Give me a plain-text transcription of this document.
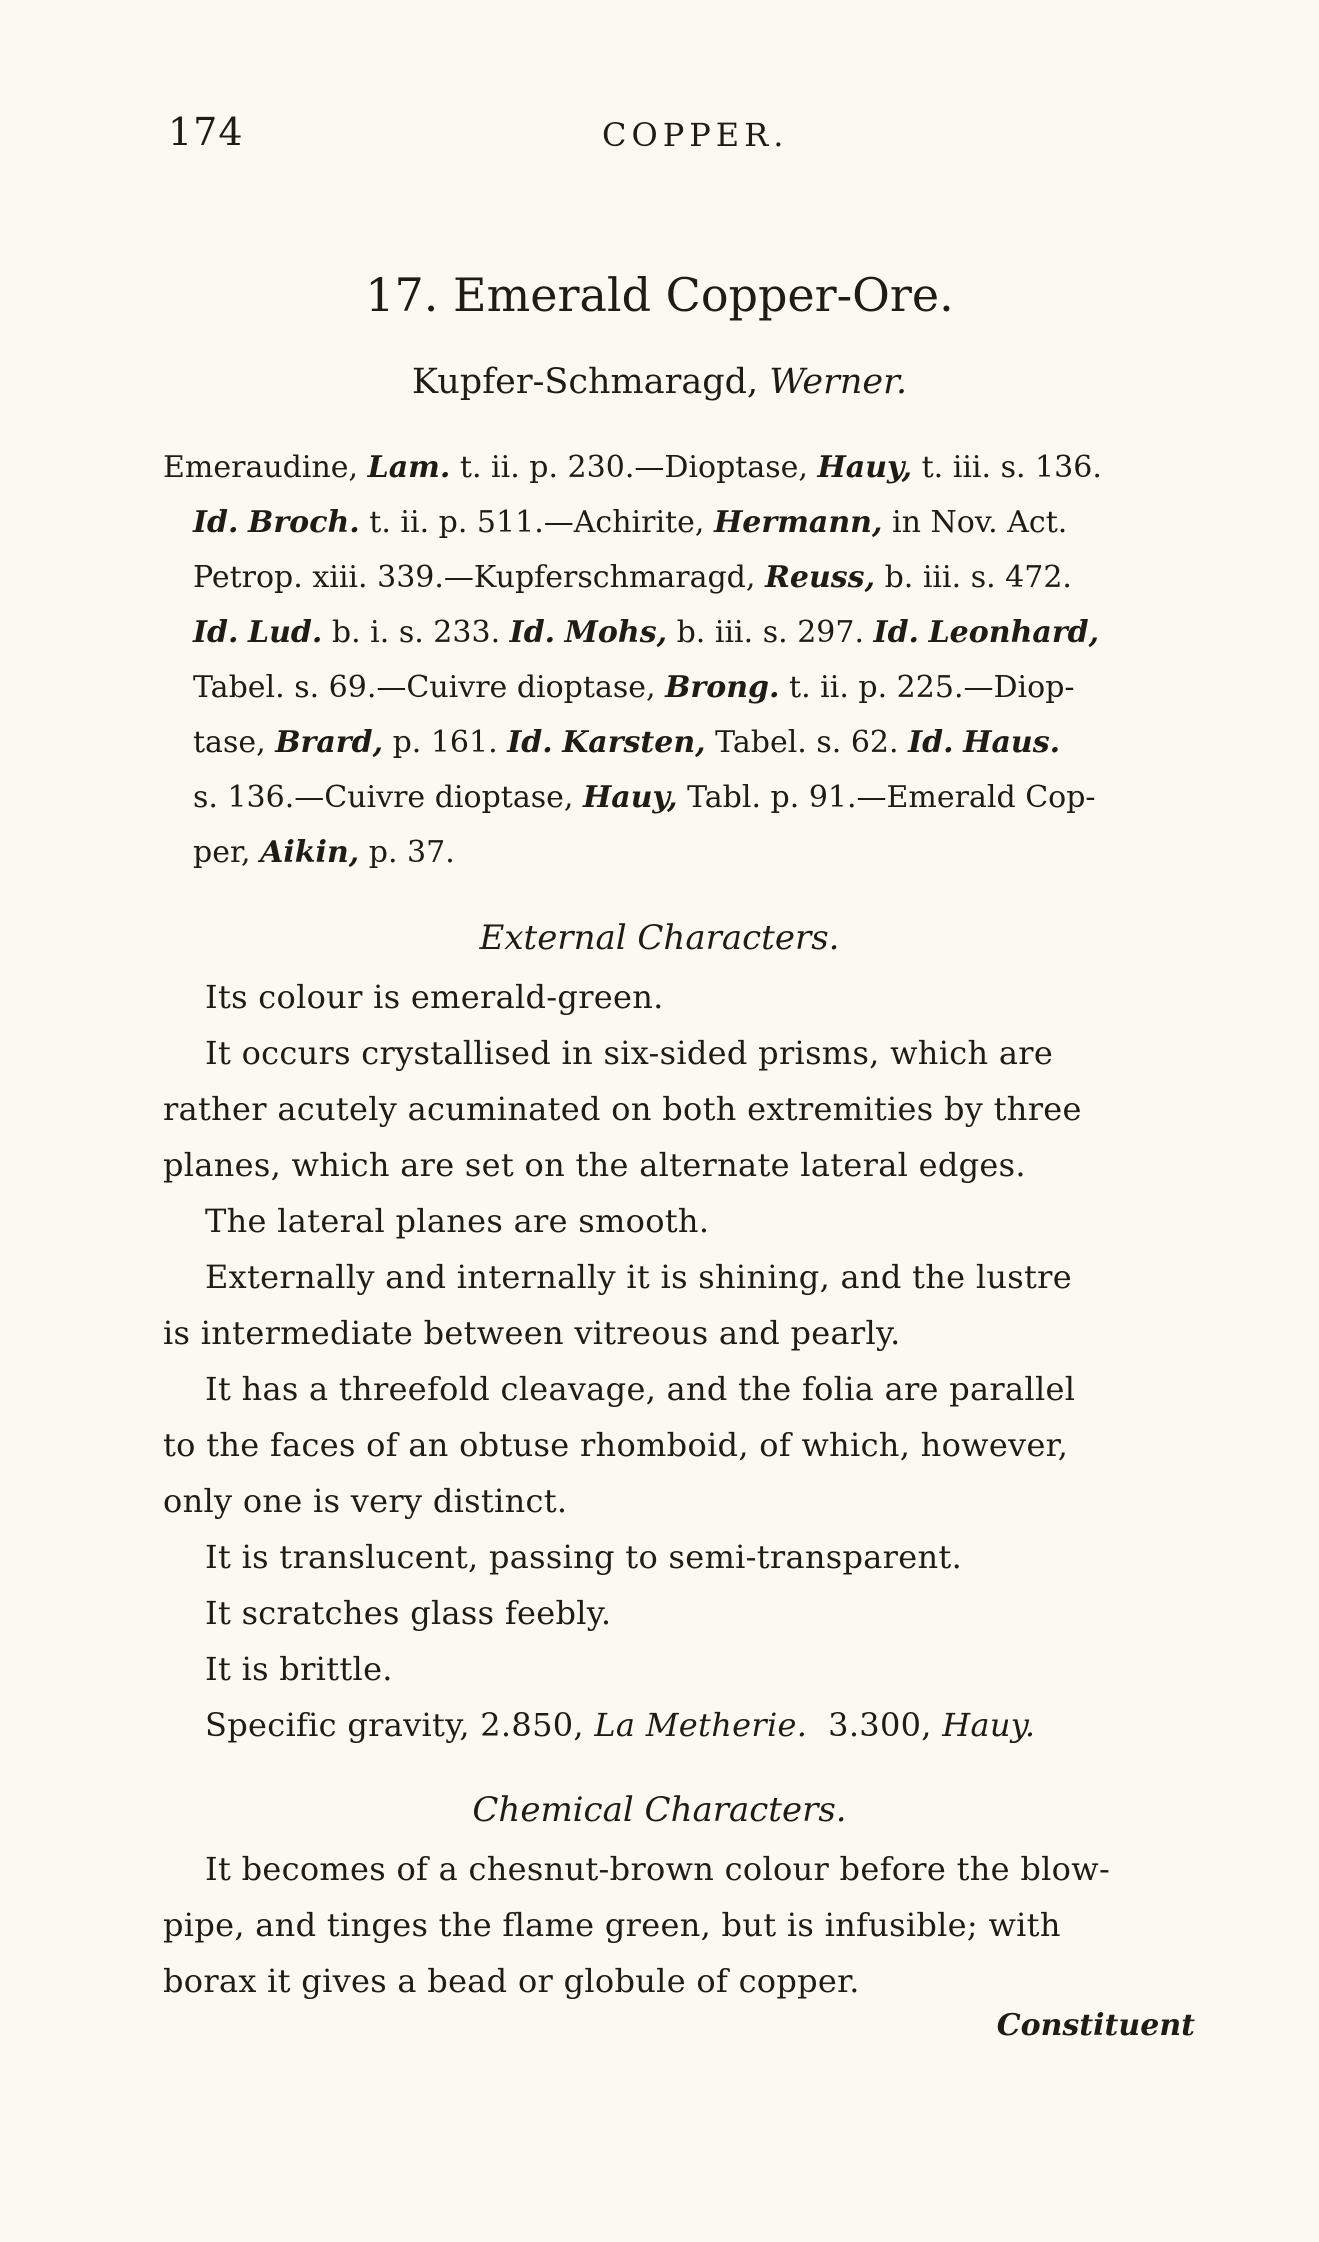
174	COPPER.
17. Emerald Copper-Ore.
Kupfer-Schmaragd, Werner.
Emeraudine, Lam. t. ii. p. 230.—Dioptase, Hauy, t. iii. s. 136.
Id. Broch. t. ii. p. 511.—Achirite, Hermann, in Nov. Act.
Petrop. xiii. 339.—Kupferschmaragd, Reuss, b. iii. s. 472.
Id. Lud. b. i. s. 233. Id. Mohs, b. iii. s. 297. Id. Leonhard,
Tabel. s. 69.—Cuivre dioptase, Brong. t. ii. p. 225.—Diop-
tase, Brard, p. 161. Id. Karsten, Tabel. s. 62. Id. Haus.
s. 136.—Cuivre dioptase, Hauy, Tabl. p. 91.—Emerald Cop-
per, Aikin, p. 37.
External Characters.
Its colour is emerald-green.
It occurs crystallised in six-sided prisms, which are
rather acutely acuminated on both extremities by three
planes, which are set on the alternate lateral edges.
The lateral planes are smooth.
Externally and internally it is shining, and the lustre
is intermediate between vitreous and pearly.
It has a threefold cleavage, and the folia are parallel
to the faces of an obtuse rhomboid, of which, however,
only one is very distinct.
It is translucent, passing to semi-transparent.
It scratches glass feebly.
It is brittle.
Specific gravity, 2.850, La Metherie. 3.300, Hauy.
Chemical Characters.
It becomes of a chesnut-brown colour before the blow-
pipe, and tinges the flame green, but is infusible; with
borax it gives a bead or globule of copper.
Constituent
